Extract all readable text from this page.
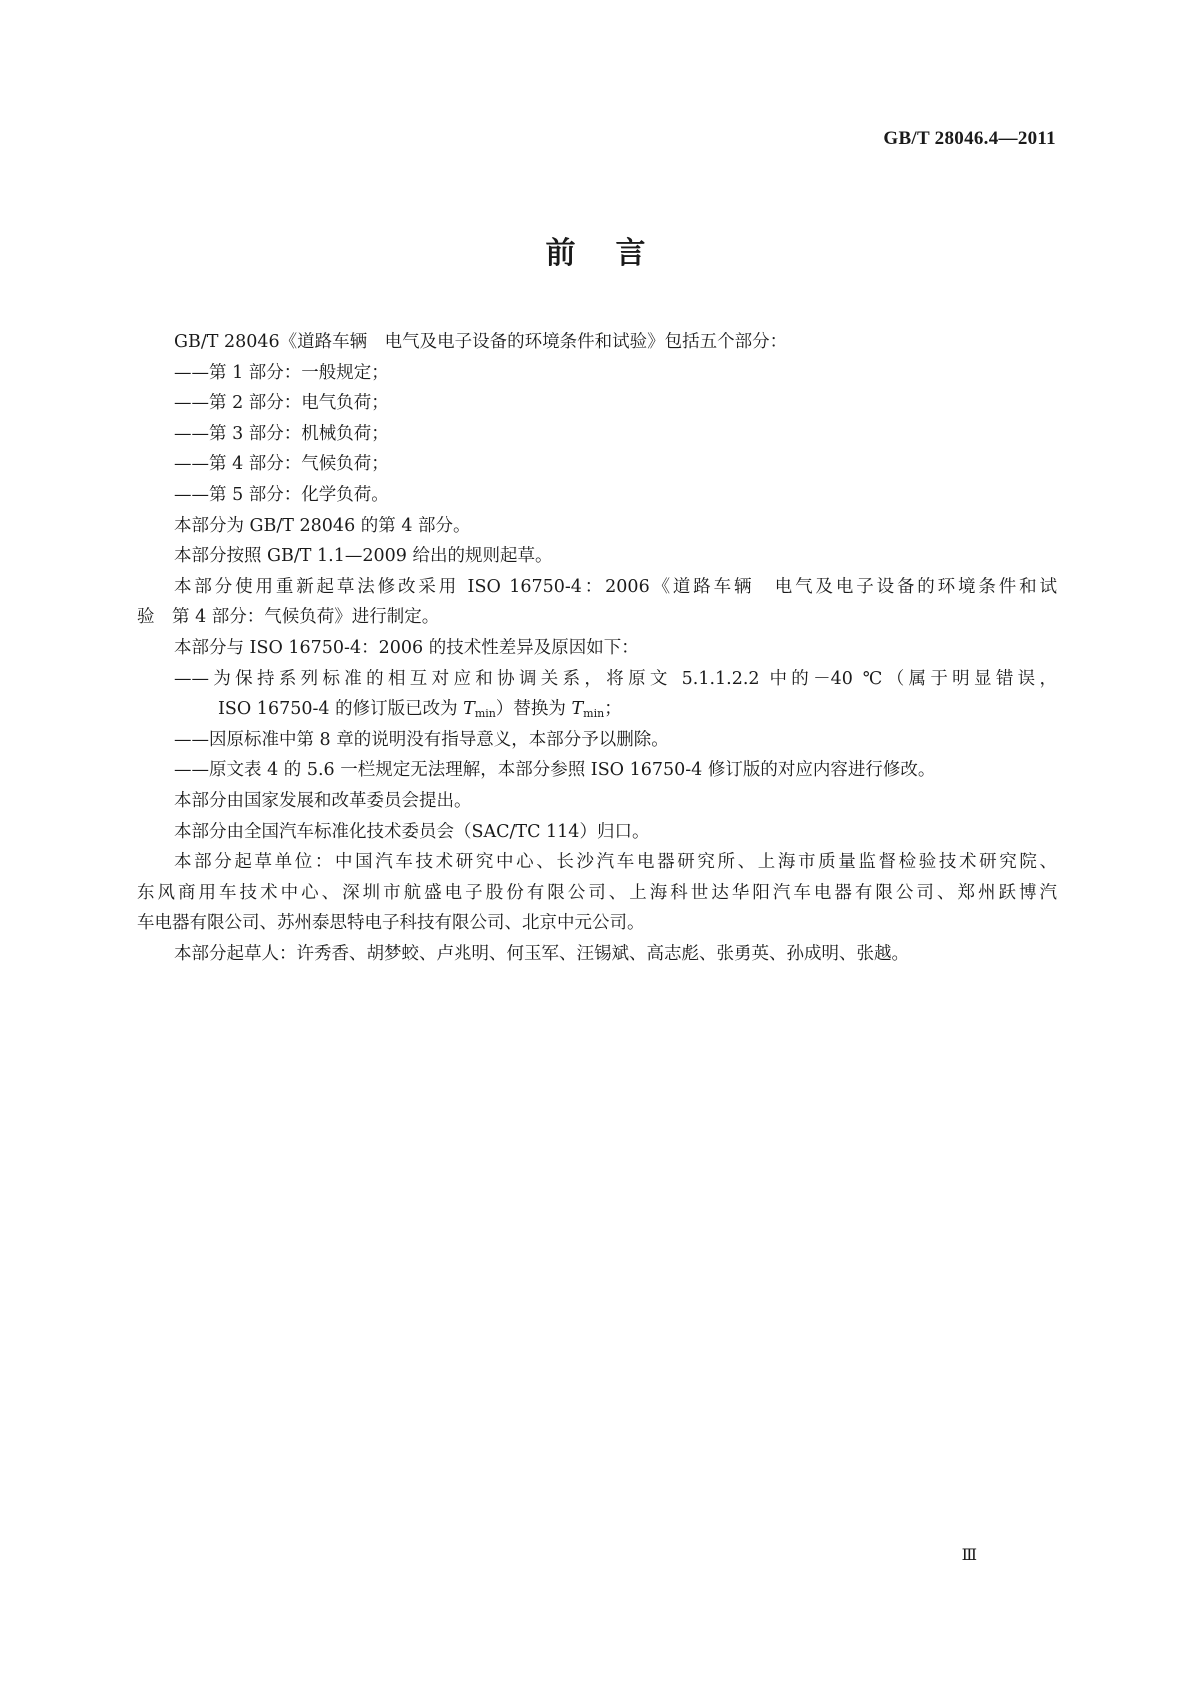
GB/T 28046.4—2011
前言
GB/T 28046《道路车辆　电气及电子设备的环境条件和试验》包括五个部分：
——第 1 部分：一般规定；
——第 2 部分：电气负荷；
——第 3 部分：机械负荷；
——第 4 部分：气候负荷；
——第 5 部分：化学负荷。
本部分为 GB/T 28046 的第 4 部分。
本部分按照 GB/T 1.1—2009 给出的规则起草。
本部分使用重新起草法修改采用 ISO 16750-4：2006《道路车辆　电气及电子设备的环境条件和试
验　第 4 部分：气候负荷》进行制定。
本部分与 ISO 16750-4：2006 的技术性差异及原因如下：
——为保持系列标准的相互对应和协调关系，将原文 5.1.1.2.2 中的－40 ℃（属于明显错误，
ISO 16750-4 的修订版已改为 $T_{min}$）替换为 $T_{min}$；
——因原标准中第 8 章的说明没有指导意义，本部分予以删除。
——原文表 4 的 5.6 一栏规定无法理解，本部分参照 ISO 16750-4 修订版的对应内容进行修改。
本部分由国家发展和改革委员会提出。
本部分由全国汽车标准化技术委员会（SAC/TC 114）归口。
本部分起草单位：中国汽车技术研究中心、长沙汽车电器研究所、上海市质量监督检验技术研究院、
东风商用车技术中心、深圳市航盛电子股份有限公司、上海科世达华阳汽车电器有限公司、郑州跃博汽
车电器有限公司、苏州泰思特电子科技有限公司、北京中元公司。
本部分起草人：许秀香、胡梦蛟、卢兆明、何玉军、汪锡斌、高志彪、张勇英、孙成明、张越。
Ⅲ
